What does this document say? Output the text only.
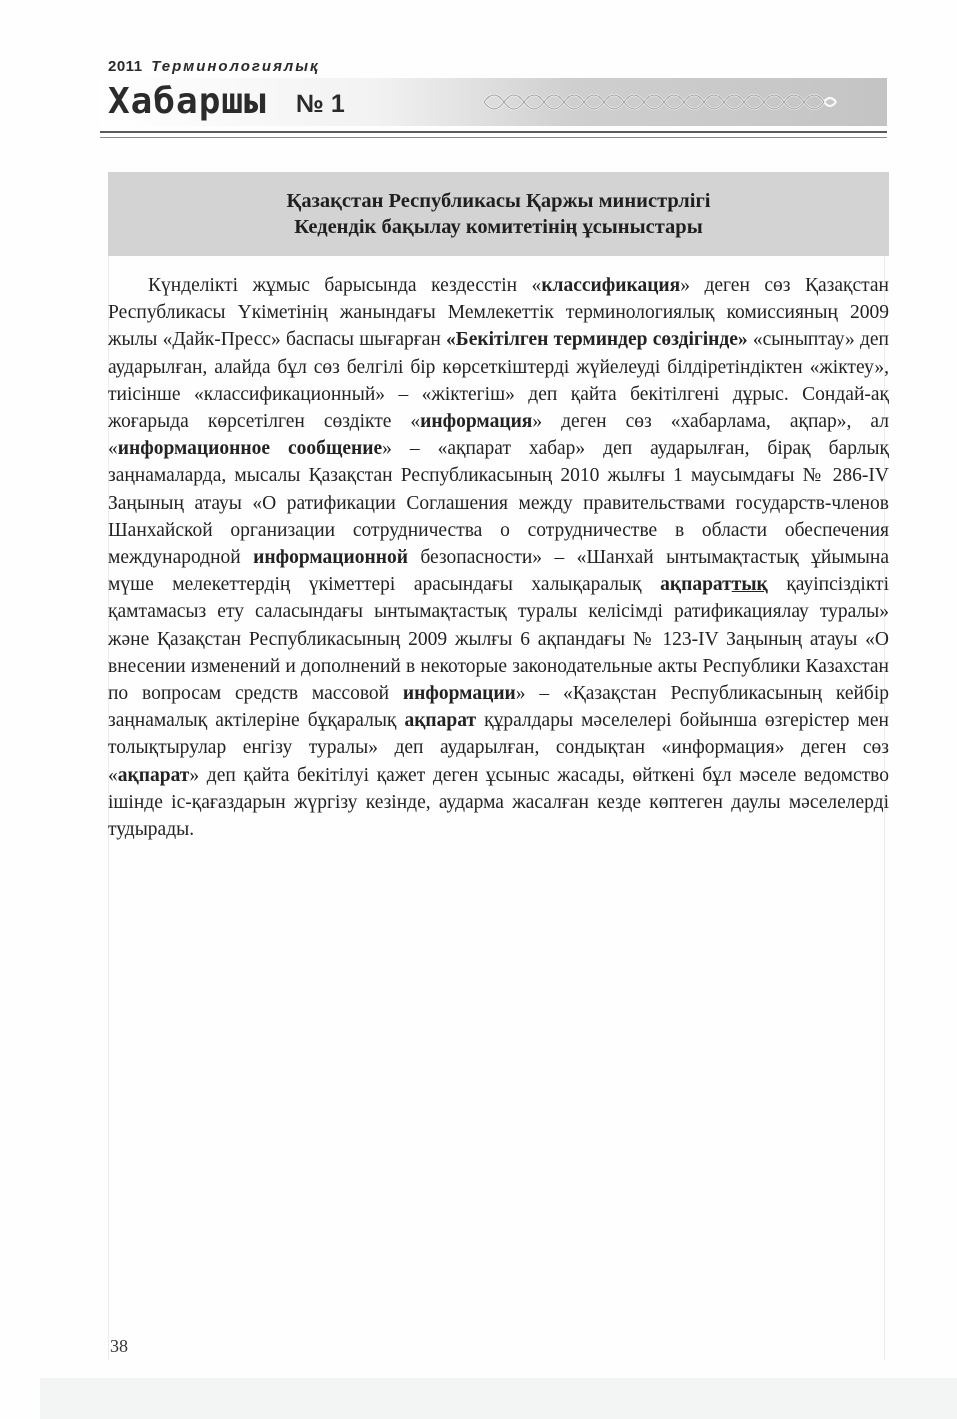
2011 Терминологиялық
Хабаршы № 1
Қазақстан Республикасы Қаржы министрлігі
Кедендік бақылау комитетінің ұсыныстары

Күнделікті жұмыс барысында кездесстін «классификация» деген сөз Қазақстан Республикасы Үкіметінің жанындағы Мемлекеттік терминологиялық комиссияның 2009 жылы «Дайк-Пресс» баспасы шығарған «Бекітілген терминдер сөздігінде» «сыныптау» деп аударылған, алайда бұл сөз белгілі бір көрсеткіштерді жүйелеуді білдіретіндіктен «жіктеу», тиісінше «классификационный» – «жіктегіш» деп қайта бекітілгені дұрыс. Сондай-ақ жоғарыда көрсетілген сөздікте «информация» деген сөз «хабарлама, ақпар», ал «информационное сообщение» – «ақпарат хабар» деп аударылған, бірақ барлық заңнамаларда, мысалы Қазақстан Республикасының 2010 жылғы 1 маусымдағы № 286-IV Заңының атауы «О ратификации Соглашения между правительствами государств-членов Шанхайской организации сотрудничества о сотрудничестве в области обеспечения международной информационной безопасности» – «Шанхай ынтымақтастық ұйымына мүше мелекеттердің үкіметтері арасындағы халықаралық ақпараттық қауіпсіздікті қамтамасыз ету саласындағы ынтымақтастық туралы келісімді ратификациялау туралы» және Қазақстан Республикасының 2009 жылғы 6 ақпандағы № 123-IV Заңының атауы «О внесении изменений и дополнений в некоторые законодательные акты Республики Казахстан по вопросам средств массовой информации» – «Қазақстан Республикасының кейбір заңнамалық актілеріне бұқаралық ақпарат құралдары мәселелері бойынша өзгерістер мен толықтырулар енгізу туралы» деп аударылған, сондықтан «информация» деген сөз «ақпарат» деп қайта бекітілуі қажет деген ұсыныс жасады, өйткені бұл мәселе ведомство ішінде іс-қағаздарын жүргізу кезінде, аударма жасалған кезде көптеген даулы мәселелерді тудырады.

38
